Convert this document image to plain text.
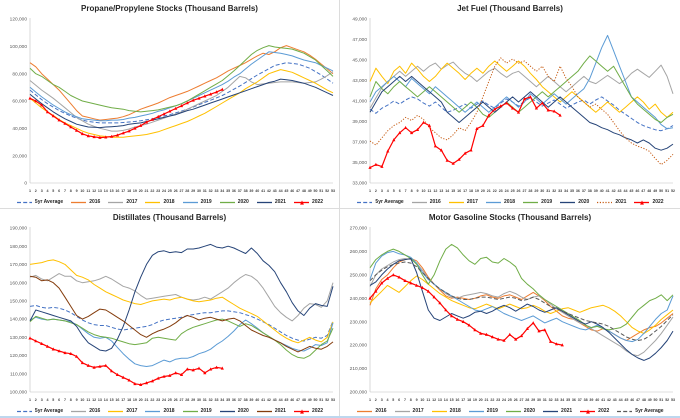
Propane/Propylene Stocks (Thousand Barrels)
0
20,000
40,000
60,000
80,000
100,000
120,000
1 2 3 4 5 6 7 8 9 10 11 12 13 14 15 16 17 18 19 20 21 22 23 24 25 26 27 28 29 30 31 32 33 34 35 36 37 38 39 40 41 42 43 44 45 46 47 48 49 50 51 52 53
5yr Average	2016	2017	2018	2019	2020	2021	2022
Jet Fuel (Thousand Barrels)
33,000
35,000
37,000
39,000
41,000
43,000
45,000
47,000
49,000
1 2 3 4 5 6 7 8 9 10 11 12 13 14 15 16 17 18 19 20 21 22 23 24 25 26 27 28 29 30 31 32 33 34 35 36 37 38 39 40 41 42 43 44 45 46 47 48 49 50 51 52
5yr Average	2016	2017	2018	2019	2020	2021	2022
Distillates (Thousand Barrels)
100,000
110,000
120,000
130,000
140,000
150,000
160,000
170,000
180,000
190,000
1 2 3 4 5 6 7 8 9 10 11 12 13 14 15 16 17 18 19 20 21 22 23 24 25 26 27 28 29 30 31 32 33 34 35 36 37 38 39 40 41 42 43 44 45 46 47 48 49 50 51 52 53
5yr Average	2016	2017	2018	2019	2020	2021	2022
Motor Gasoline Stocks (Thousand Barrels)
200,000
210,000
220,000
230,000
240,000
250,000
260,000
270,000
1 2 3 4 5 6 7 8 9 10 11 12 13 14 15 16 17 18 19 20 21 22 23 24 25 26 27 28 29 30 31 32 33 34 35 36 37 38 39 40 41 42 43 44 45 46 47 48 49 50 51 52 53
2016	2017	2018	2019	2020	2021	2022	5yr Average
